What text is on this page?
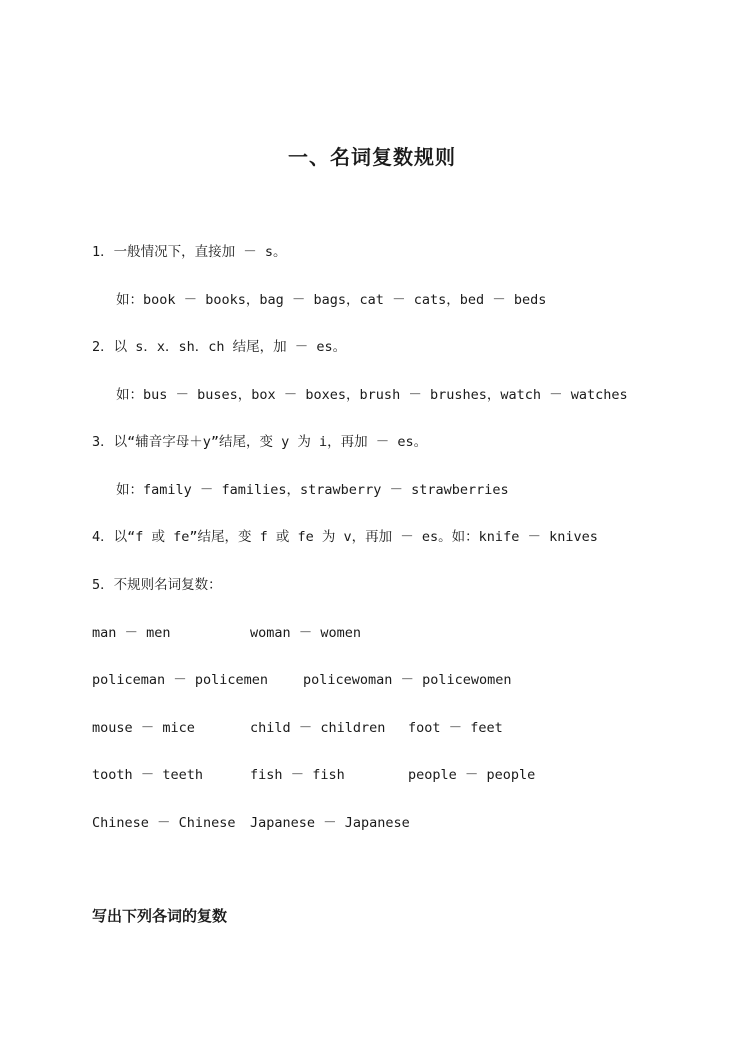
一、名词复数规则
1．一般情况下，直接加 － s。
如：book － books，bag － bags，cat － cats，bed － beds
2．以 s．x．sh．ch 结尾，加 － es。
如：bus － buses，box － boxes，brush － brushes，watch － watches
3．以“辅音字母＋y”结尾，变 y 为 i，再加 － es。
如：family － families，strawberry － strawberries
4．以“f 或 fe”结尾，变 f 或 fe 为 v，再加 － es。如：knife － knives
5．不规则名词复数：
man － men	woman － women
policeman － policemen	policewoman － policewomen
mouse － mice	child － children foot － feet
tooth － teeth	fish － fish	people － people
Chinese － Chinese Japanese － Japanese
写出下列各词的复数
